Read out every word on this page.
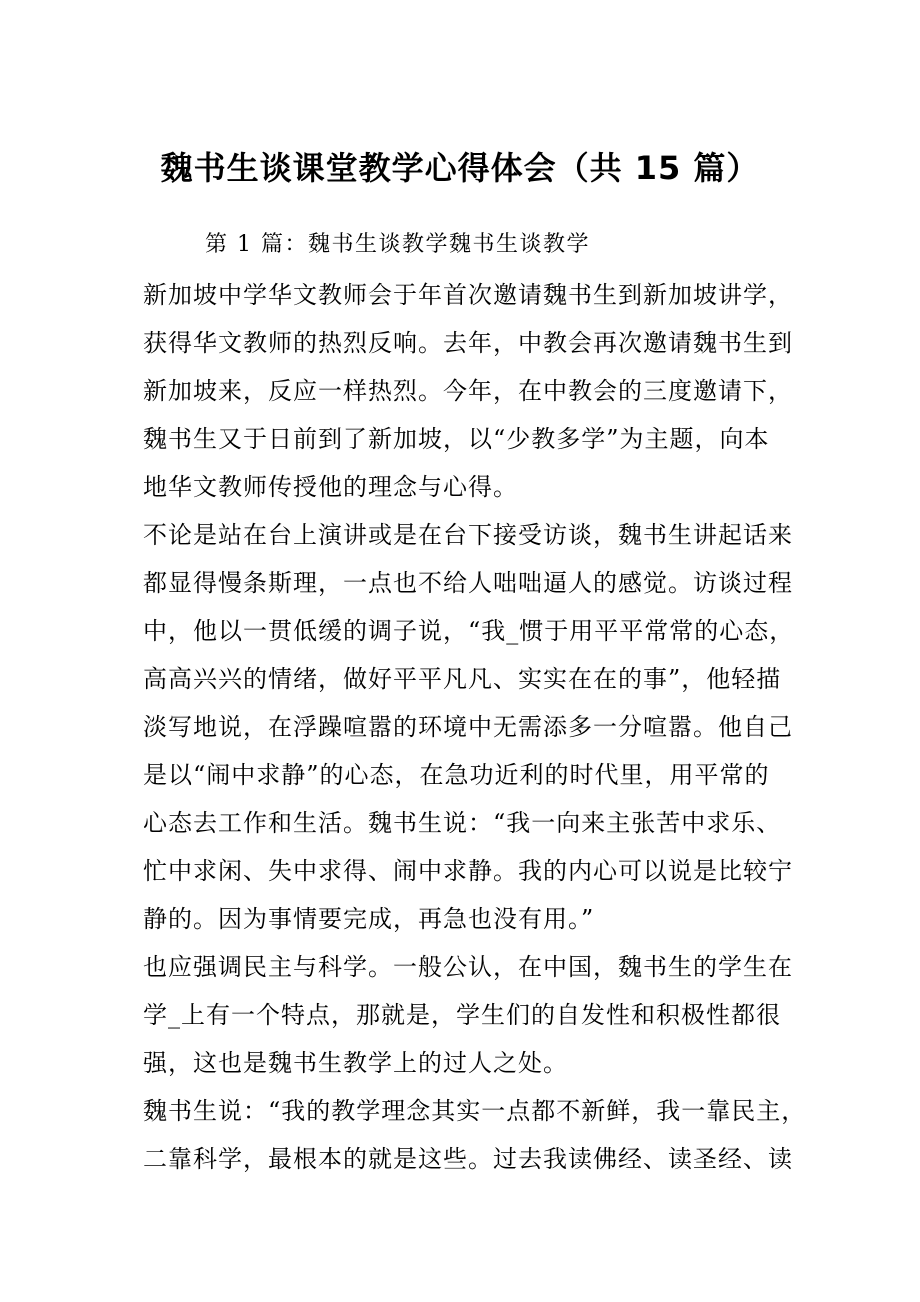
魏书生谈课堂教学心得体会（共 15 篇）
第 1 篇：魏书生谈教学魏书生谈教学
新加坡中学华文教师会于年首次邀请魏书生到新加坡讲学，
获得华文教师的热烈反响。去年，中教会再次邀请魏书生到
新加坡来，反应一样热烈。今年，在中教会的三度邀请下，
魏书生又于日前到了新加坡，以“少教多学”为主题，向本
地华文教师传授他的理念与心得。
不论是站在台上演讲或是在台下接受访谈，魏书生讲起话来
都显得慢条斯理，一点也不给人咄咄逼人的感觉。访谈过程
中，他以一贯低缓的调子说，“我_惯于用平平常常的心态，
高高兴兴的情绪，做好平平凡凡、实实在在的事”，他轻描
淡写地说，在浮躁喧嚣的环境中无需添多一分喧嚣。他自己
是以“闹中求静”的心态，在急功近利的时代里，用平常的
心态去工作和生活。魏书生说：“我一向来主张苦中求乐、
忙中求闲、失中求得、闹中求静。我的内心可以说是比较宁
静的。因为事情要完成，再急也没有用。”
也应强调民主与科学。一般公认，在中国，魏书生的学生在
学_上有一个特点，那就是，学生们的自发性和积极性都很
强，这也是魏书生教学上的过人之处。
魏书生说：“我的教学理念其实一点都不新鲜，我一靠民主，
二靠科学，最根本的就是这些。过去我读佛经、读圣经、读
